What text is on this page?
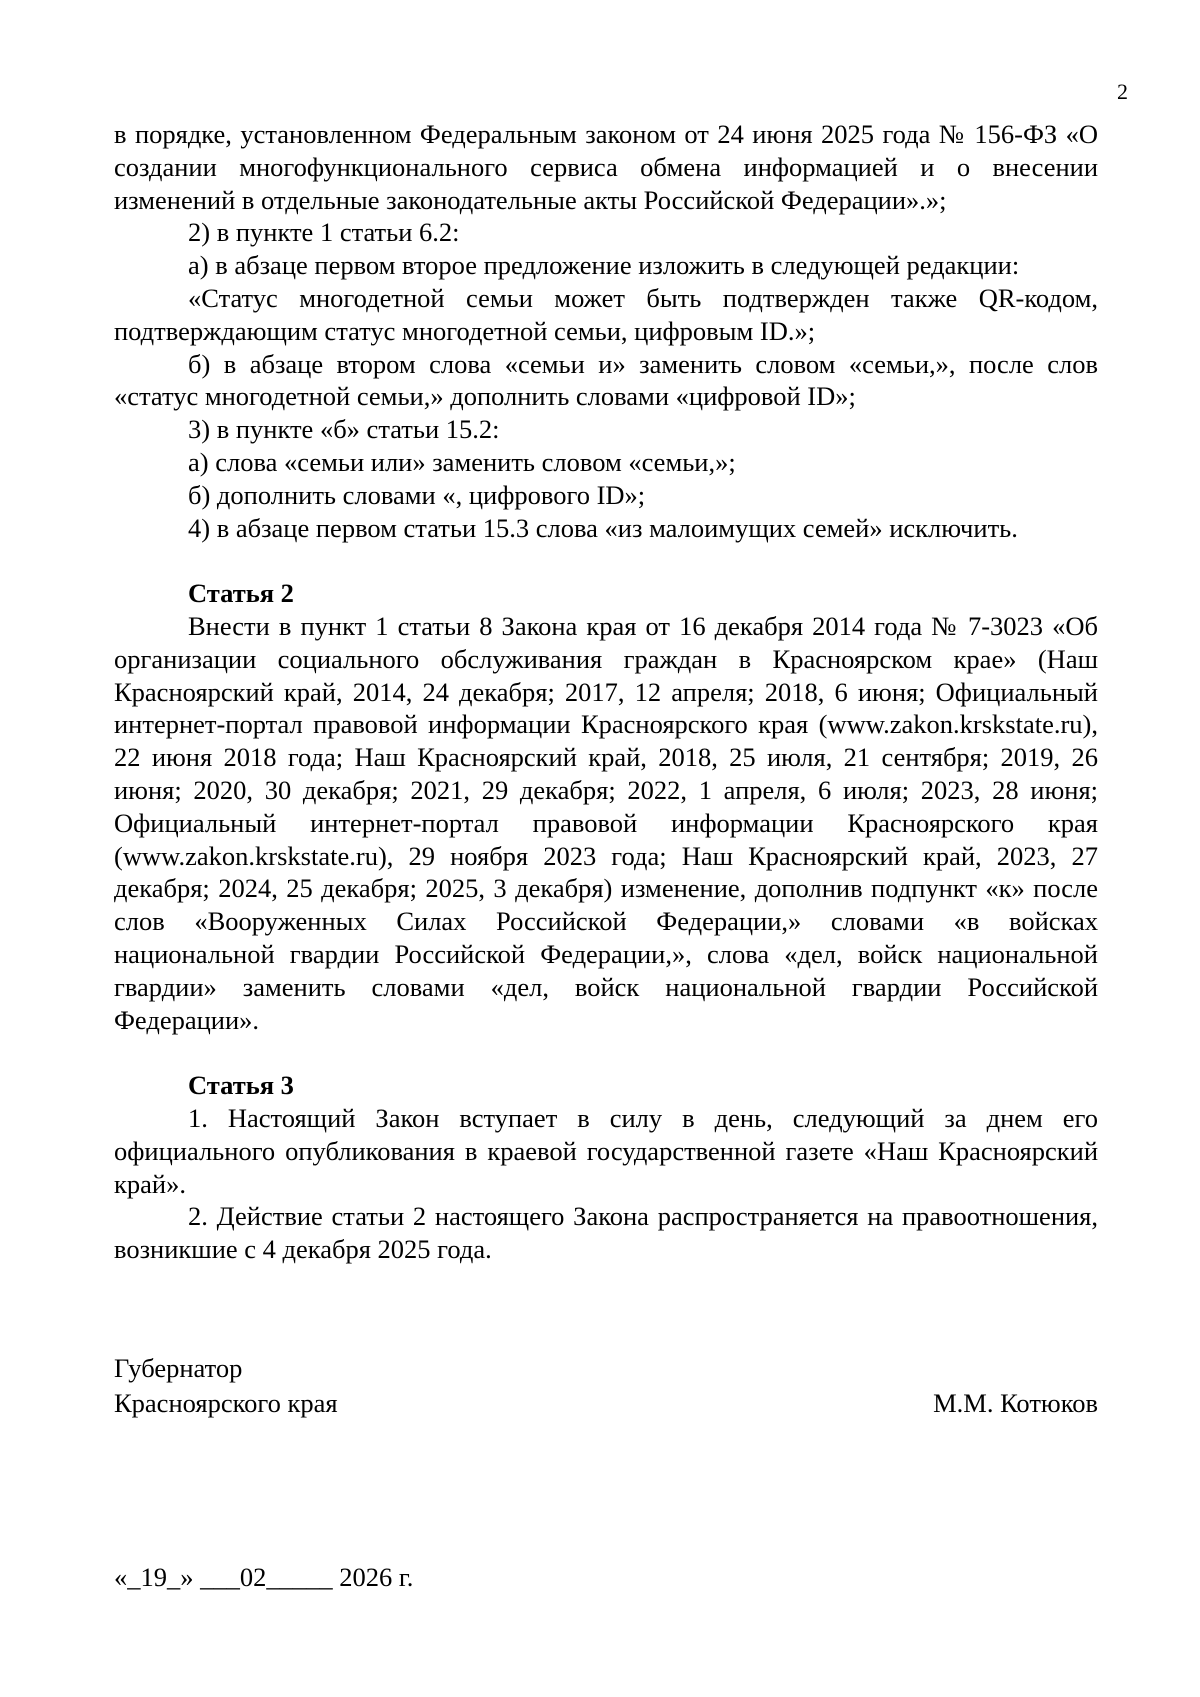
2

в порядке, установленном Федеральным законом от 24 июня 2025 года № 156-ФЗ «О создании многофункционального сервиса обмена информацией и о внесении изменений в отдельные законодательные акты Российской Федерации».»;

2) в пункте 1 статьи 6.2:

а) в абзаце первом второе предложение изложить в следующей редакции:

«Статус многодетной семьи может быть подтвержден также QR-кодом, подтверждающим статус многодетной семьи, цифровым ID.»;

б) в абзаце втором слова «семьи и» заменить словом «семьи,», после слов «статус многодетной семьи,» дополнить словами «цифровой ID»;

3) в пункте «б» статьи 15.2:

а) слова «семьи или» заменить словом «семьи,»;

б) дополнить словами «, цифрового ID»;

4) в абзаце первом статьи 15.3 слова «из малоимущих семей» исключить.

Статья 2

Внести в пункт 1 статьи 8 Закона края от 16 декабря 2014 года № 7-3023 «Об организации социального обслуживания граждан в Красноярском крае» (Наш Красноярский край, 2014, 24 декабря; 2017, 12 апреля; 2018, 6 июня; Официальный интернет-портал правовой информации Красноярского края (www.zakon.krskstate.ru), 22 июня 2018 года; Наш Красноярский край, 2018, 25 июля, 21 сентября; 2019, 26 июня; 2020, 30 декабря; 2021, 29 декабря; 2022, 1 апреля, 6 июля; 2023, 28 июня; Официальный интернет-портал правовой информации Красноярского края (www.zakon.krskstate.ru), 29 ноября 2023 года; Наш Красноярский край, 2023, 27 декабря; 2024, 25 декабря; 2025, 3 декабря) изменение, дополнив подпункт «к» после слов «Вооруженных Силах Российской Федерации,» словами «в войсках национальной гвардии Российской Федерации,», слова «дел, войск национальной гвардии» заменить словами «дел, войск национальной гвардии Российской Федерации».

Статья 3

1. Настоящий Закон вступает в силу в день, следующий за днем его официального опубликования в краевой государственной газете «Наш Красноярский край».

2. Действие статьи 2 настоящего Закона распространяется на правоотношения, возникшие с 4 декабря 2025 года.

Губернатор
Красноярского края	М.М. Котюков
«_19_» ___02_____ 2026 г.
